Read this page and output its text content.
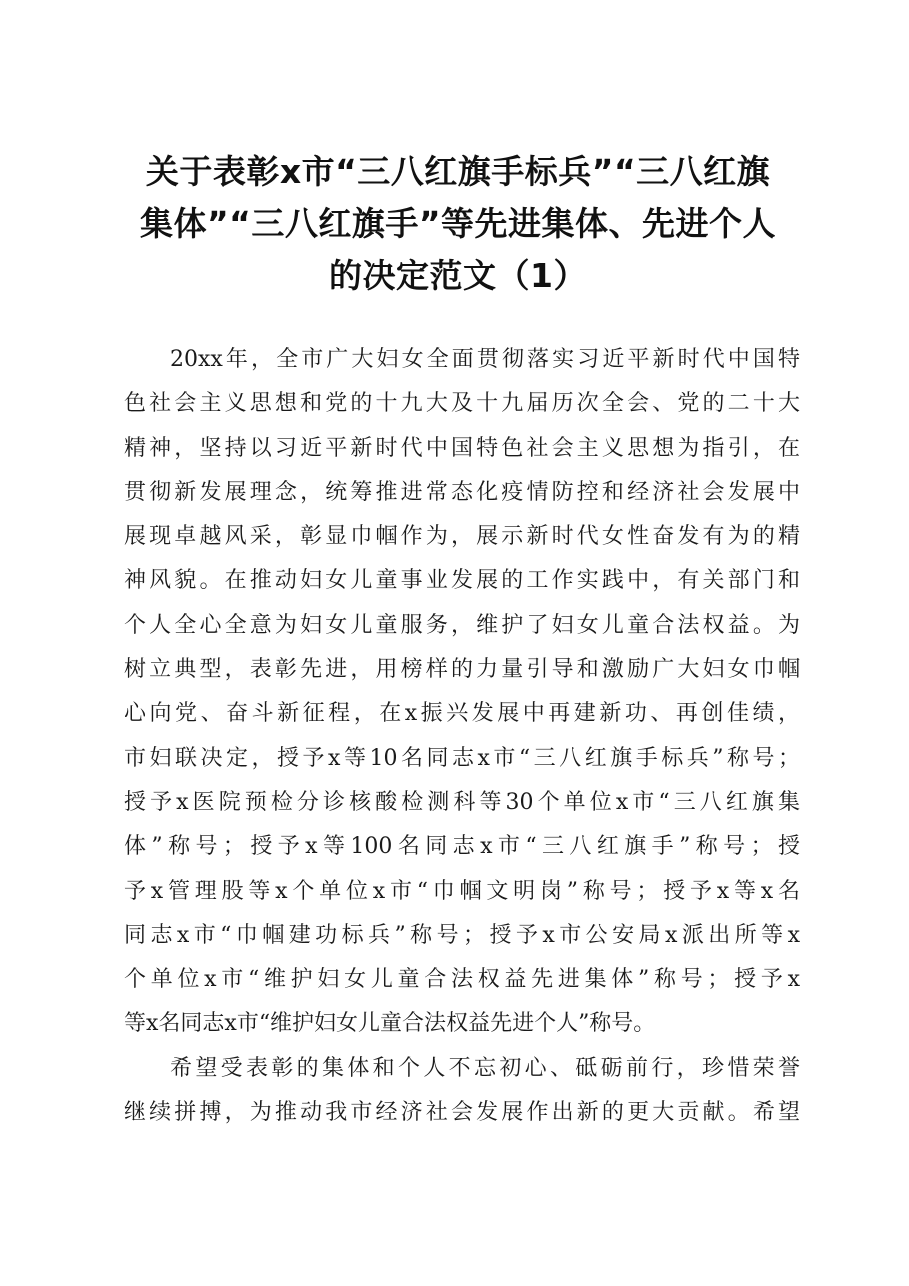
关于表彰x市“三八红旗手标兵”“三八红旗
集体”“三八红旗手”等先进集体、先进个人
的决定范文（1）
20xx年，全市广大妇女全面贯彻落实习近平新时代中国特
色社会主义思想和党的十九大及十九届历次全会、党的二十大
精神，坚持以习近平新时代中国特色社会主义思想为指引，在
贯彻新发展理念，统筹推进常态化疫情防控和经济社会发展中
展现卓越风采，彰显巾帼作为，展示新时代女性奋发有为的精
神风貌。在推动妇女儿童事业发展的工作实践中，有关部门和
个人全心全意为妇女儿童服务，维护了妇女儿童合法权益。为
树立典型，表彰先进，用榜样的力量引导和激励广大妇女巾帼
心向党、奋斗新征程，在x振兴发展中再建新功、再创佳绩，
市妇联决定，授予x等10名同志x市“三八红旗手标兵”称号；
授予x医院预检分诊核酸检测科等30个单位x市“三八红旗集
体”称号；授予x等100名同志x市“三八红旗手”称号；授
予x管理股等x个单位x市“巾帼文明岗”称号；授予x等x名
同志x市“巾帼建功标兵”称号；授予x市公安局x派出所等x
个单位x市“维护妇女儿童合法权益先进集体”称号；授予x
等x名同志x市“维护妇女儿童合法权益先进个人”称号。
希望受表彰的集体和个人不忘初心、砥砺前行，珍惜荣誉
继续拼搏，为推动我市经济社会发展作出新的更大贡献。希望
